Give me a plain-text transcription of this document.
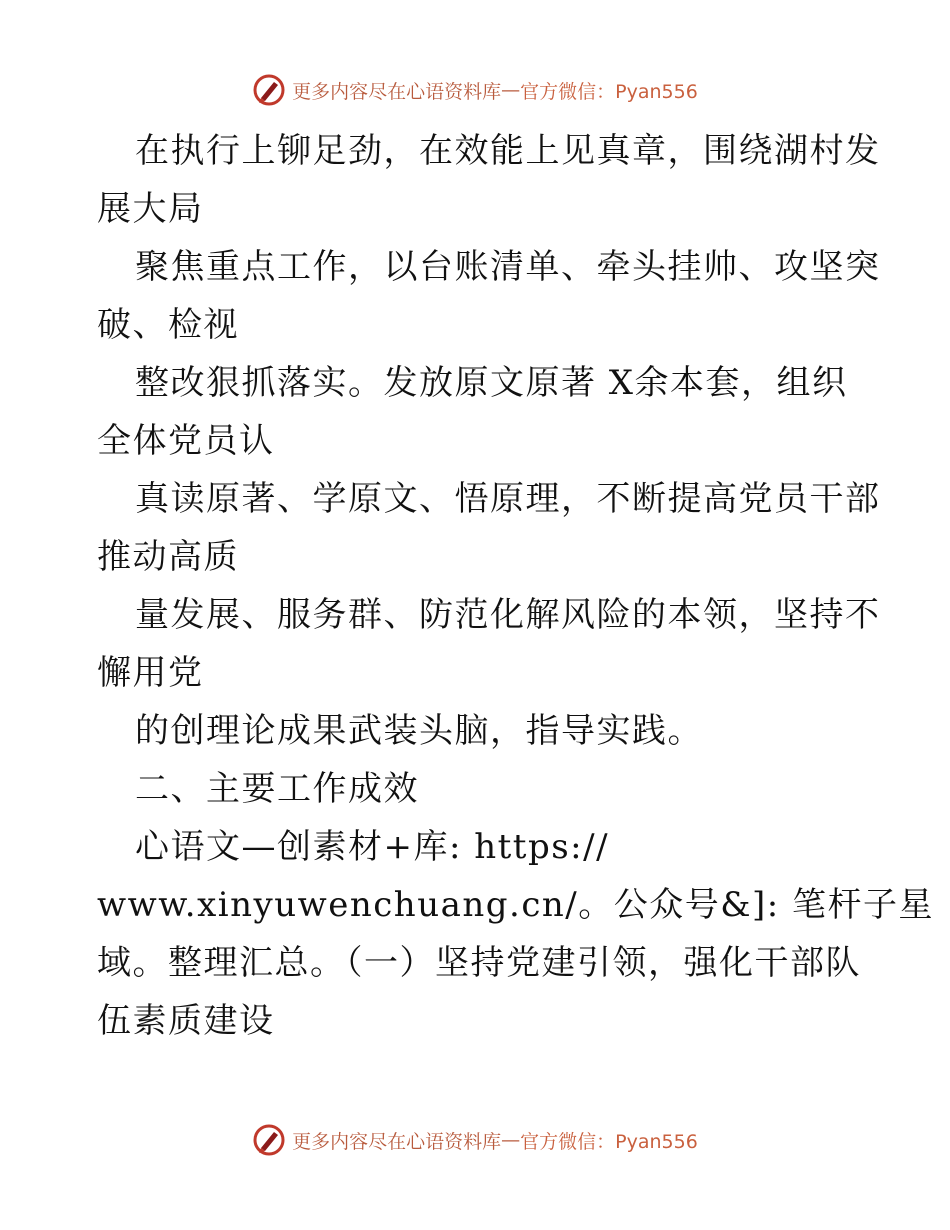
更多内容尽在心语资料库 — 官方微信：Pyan556
在执行上铆足劲，在效能上见真章，围绕湖村发
展大局
聚焦重点工作，以台账清单、牵头挂帅、攻坚突
破、检视
整改狠抓落实。发放原文原著 X余本套，组织
全体党员认
真读原著、学原文、悟原理，不断提高党员干部
推动高质
量发展、服务群、防范化解风险的本领，坚持不
懈用党
的创理论成果武装头脑，指导实践。
二、主要工作成效
心语文—创素材+库: https://
www.xinyuwenchuang.cn/。公众号&]: 笔杆子星
域。整理汇总。（一）坚持党建引领，强化干部队
伍素质建设
更多内容尽在心语资料库 — 官方微信：Pyan556
